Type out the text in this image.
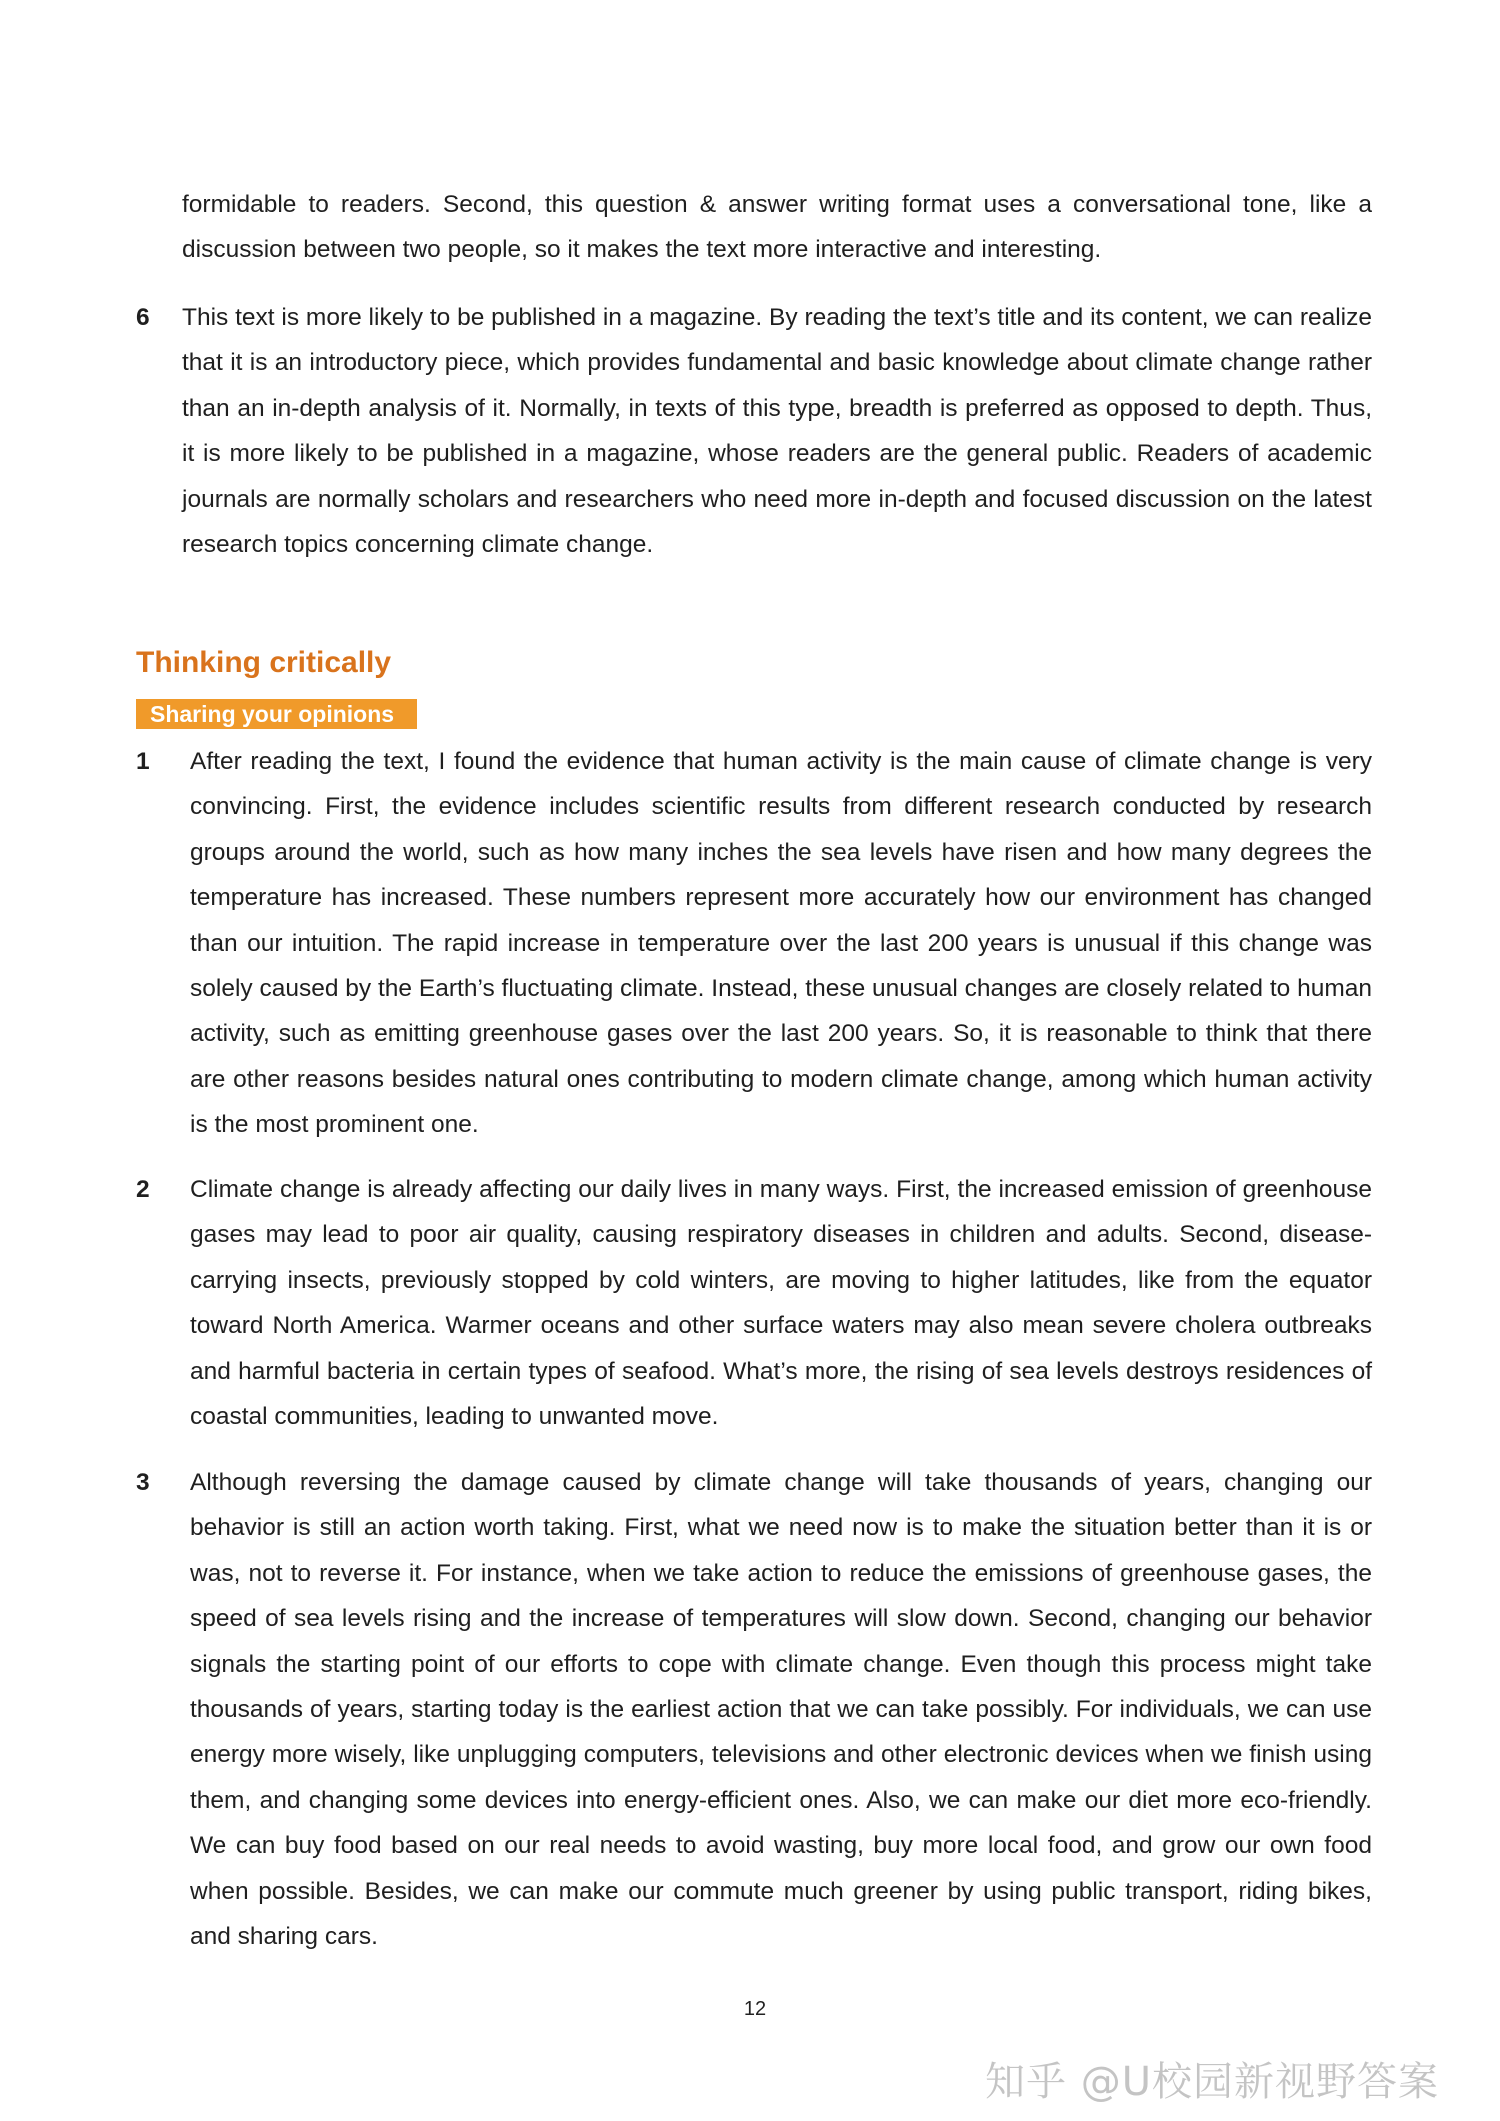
formidable to readers. Second, this question & answer writing format uses a conversational tone, like a discussion between two people, so it makes the text more interactive and interesting.

6 This text is more likely to be published in a magazine. By reading the text’s title and its content, we can realize that it is an introductory piece, which provides fundamental and basic knowledge about climate change rather than an in-depth analysis of it. Normally, in texts of this type, breadth is preferred as opposed to depth. Thus, it is more likely to be published in a magazine, whose readers are the general public. Readers of academic journals are normally scholars and researchers who need more in-depth and focused discussion on the latest research topics concerning climate change.

Thinking critically
Sharing your opinions
1 After reading the text, I found the evidence that human activity is the main cause of climate change is very convincing. First, the evidence includes scientific results from different research conducted by research groups around the world, such as how many inches the sea levels have risen and how many degrees the temperature has increased. These numbers represent more accurately how our environment has changed than our intuition. The rapid increase in temperature over the last 200 years is unusual if this change was solely caused by the Earth’s fluctuating climate. Instead, these unusual changes are closely related to human activity, such as emitting greenhouse gases over the last 200 years. So, it is reasonable to think that there are other reasons besides natural ones contributing to modern climate change, among which human activity is the most prominent one.

2 Climate change is already affecting our daily lives in many ways. First, the increased emission of greenhouse gases may lead to poor air quality, causing respiratory diseases in children and adults. Second, disease-carrying insects, previously stopped by cold winters, are moving to higher latitudes, like from the equator toward North America. Warmer oceans and other surface waters may also mean severe cholera outbreaks and harmful bacteria in certain types of seafood. What’s more, the rising of sea levels destroys residences of coastal communities, leading to unwanted move.

3 Although reversing the damage caused by climate change will take thousands of years, changing our behavior is still an action worth taking. First, what we need now is to make the situation better than it is or was, not to reverse it. For instance, when we take action to reduce the emissions of greenhouse gases, the speed of sea levels rising and the increase of temperatures will slow down. Second, changing our behavior signals the starting point of our efforts to cope with climate change. Even though this process might take thousands of years, starting today is the earliest action that we can take possibly. For individuals, we can use energy more wisely, like unplugging computers, televisions and other electronic devices when we finish using them, and changing some devices into energy-efficient ones. Also, we can make our diet more eco-friendly. We can buy food based on our real needs to avoid wasting, buy more local food, and grow our own food when possible. Besides, we can make our commute much greener by using public transport, riding bikes, and sharing cars.

12
知乎 @U校园新视野答案
